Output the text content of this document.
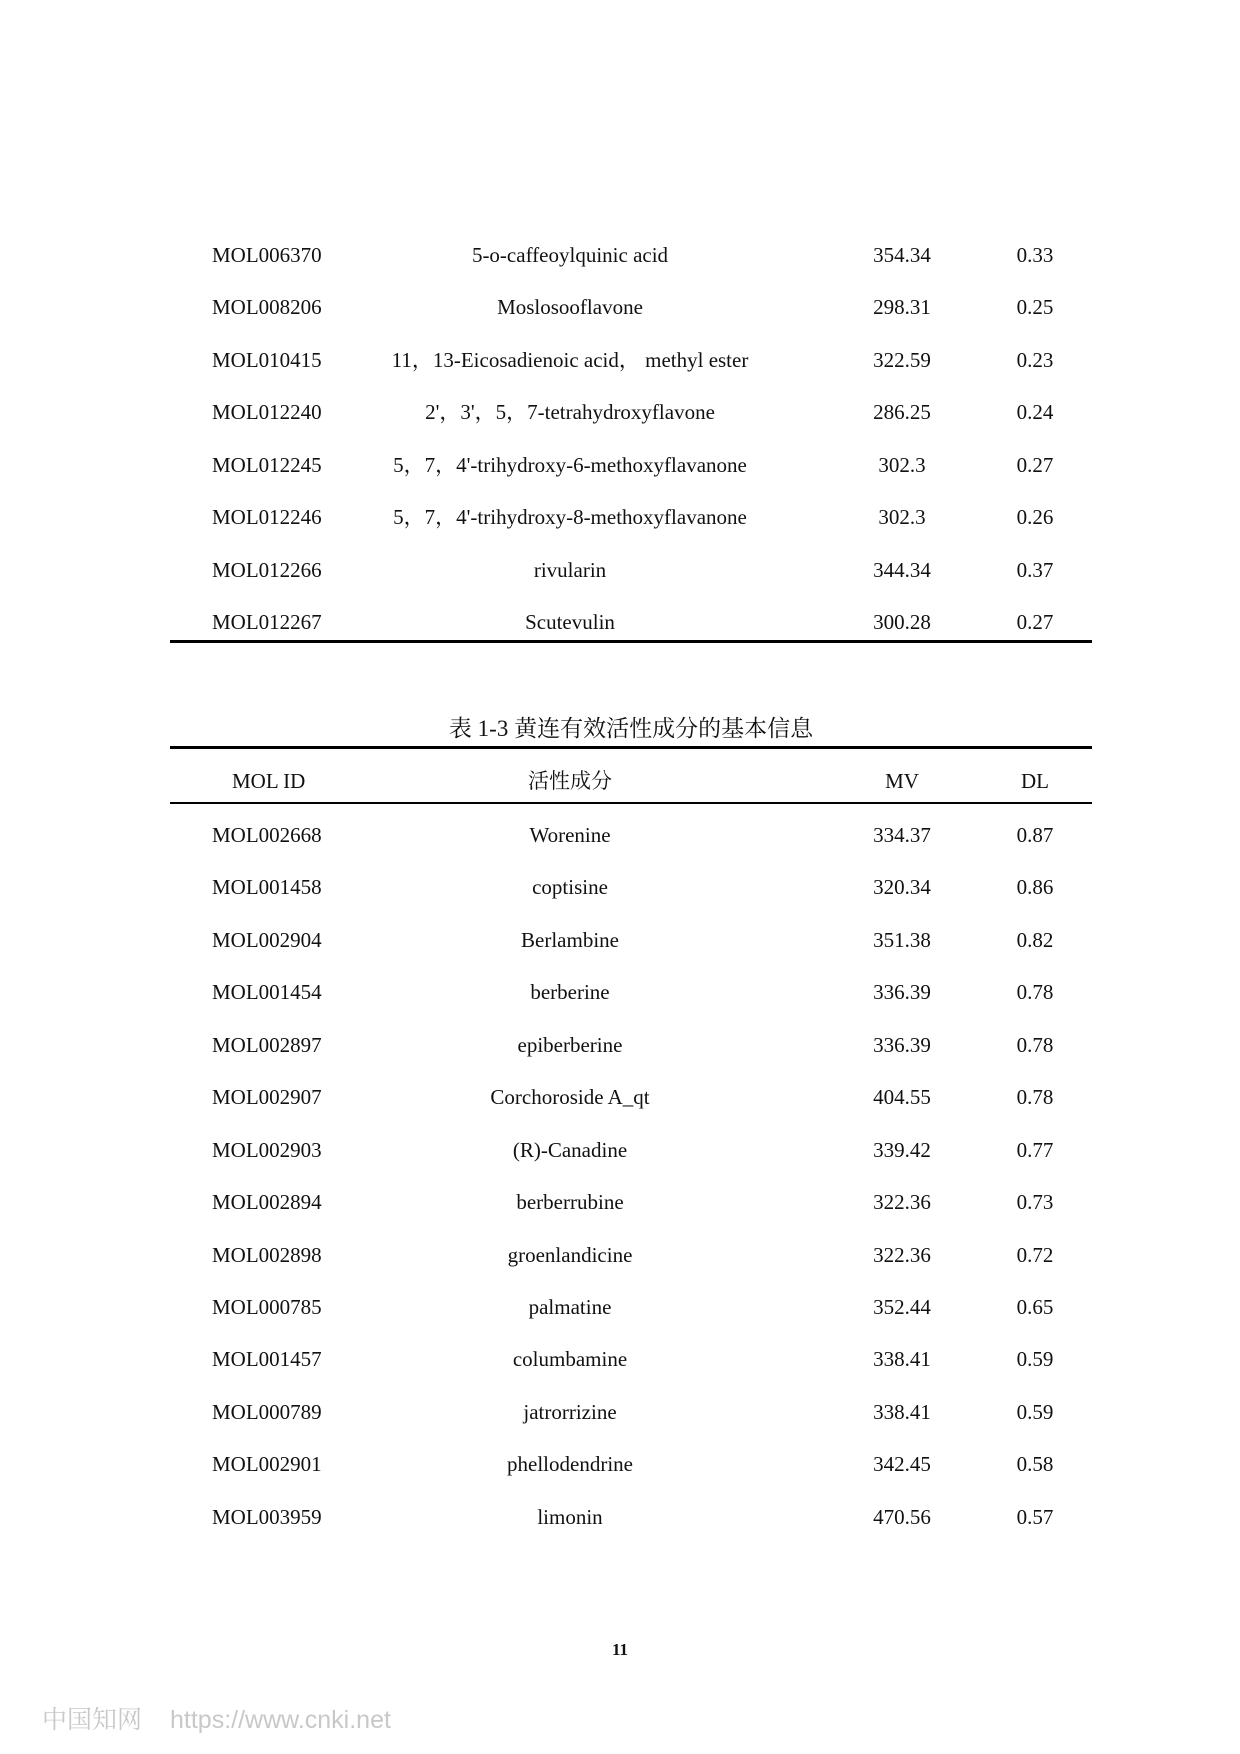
MOL006370	5-o-caffeoylquinic acid	354.34	0.33
MOL008206	Moslosooflavone	298.31	0.25
MOL010415	11，13-Eicosadienoic acid， methyl ester	322.59	0.23
MOL012240	2'，3'，5，7-tetrahydroxyflavone	286.25	0.24
MOL012245	5，7，4'-trihydroxy-6-methoxyflavanone	302.3	0.27
MOL012246	5，7，4'-trihydroxy-8-methoxyflavanone	302.3	0.26
MOL012266	rivularin	344.34	0.37
MOL012267	Scutevulin	300.28	0.27
表 1-3 黄连有效活性成分的基本信息
MOL ID	活性成分	MV	DL
MOL002668	Worenine	334.37	0.87
MOL001458	coptisine	320.34	0.86
MOL002904	Berlambine	351.38	0.82
MOL001454	berberine	336.39	0.78
MOL002897	epiberberine	336.39	0.78
MOL002907	Corchoroside A_qt	404.55	0.78
MOL002903	(R)-Canadine	339.42	0.77
MOL002894	berberrubine	322.36	0.73
MOL002898	groenlandicine	322.36	0.72
MOL000785	palmatine	352.44	0.65
MOL001457	columbamine	338.41	0.59
MOL000789	jatrorrizine	338.41	0.59
MOL002901	phellodendrine	342.45	0.58
MOL003959	limonin	470.56	0.57
11
中国知网 https://www.cnki.net
